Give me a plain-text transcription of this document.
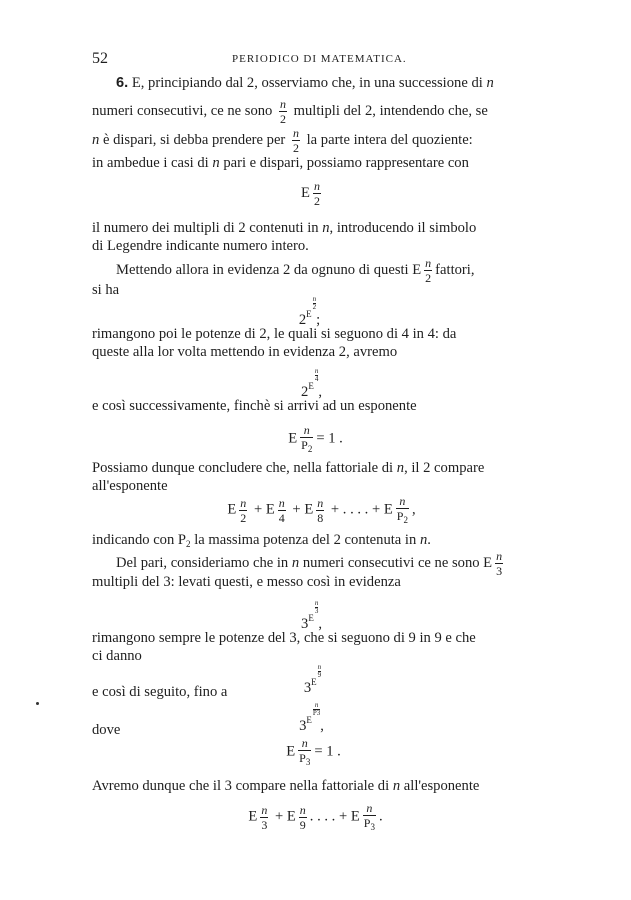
52	PERIODICO DI MATEMATICA.
6. E, principiando dal 2, osserviamo che, in una successione di n
numeri consecutivi, ce ne sono $\frac{n}{2}$ multipli del 2, intendendo che, se
n è dispari, si debba prendere per $\frac{n}{2}$ la parte intera del quoziente:
in ambedue i casi di n pari e dispari, possiamo rappresentare con
E $\frac{n}{2}$
il numero dei multipli di 2 contenuti in n, introducendo il simbolo
di Legendre indicante numero intero.
Mettendo allora in evidenza 2 da ognuno di questi E $\frac{n}{2}$ fattori,
si ha
2E
$\frac{n}{2}$
;
rimangono poi le potenze di 2, le quali si seguono di 4 in 4: da
queste alla lor volta mettendo in evidenza 2, avremo
2E
$\frac{n}{4}$
,
e così successivamente, finchè si arrivi ad un esponente
E $\frac{n}{P_2} = 1$ .
Possiamo dunque concludere che, nella fattoriale di n, il 2 compare
all'esponente
E $\frac{n}{2} + E \frac{n}{4} + E \frac{n}{8}$ + . . . . + E $\frac{n}{P_2}$ ,
indicando con $P_2$ la massima potenza del 2 contenuta in n.
Del pari, consideriamo che in n numeri consecutivi ce ne sono E $\frac{n}{3}$
multipli del 3: levati questi, e messo così in evidenza
3E
$\frac{n}{3}$
,
rimangono sempre le potenze del 3, che si seguono di 9 in 9 e che
ci danno
3E
$\frac{n}{9}$
e così di seguito, fino a
3E
$\frac{n}{P3}$
,
dove
E $\frac{n}{P_3} = 1$ .
Avremo dunque che il 3 compare nella fattoriale di n all'esponente
E $\frac{n}{3} + E \frac{n}{9}$ . . . . + E $\frac{n}{P_3}$ .
